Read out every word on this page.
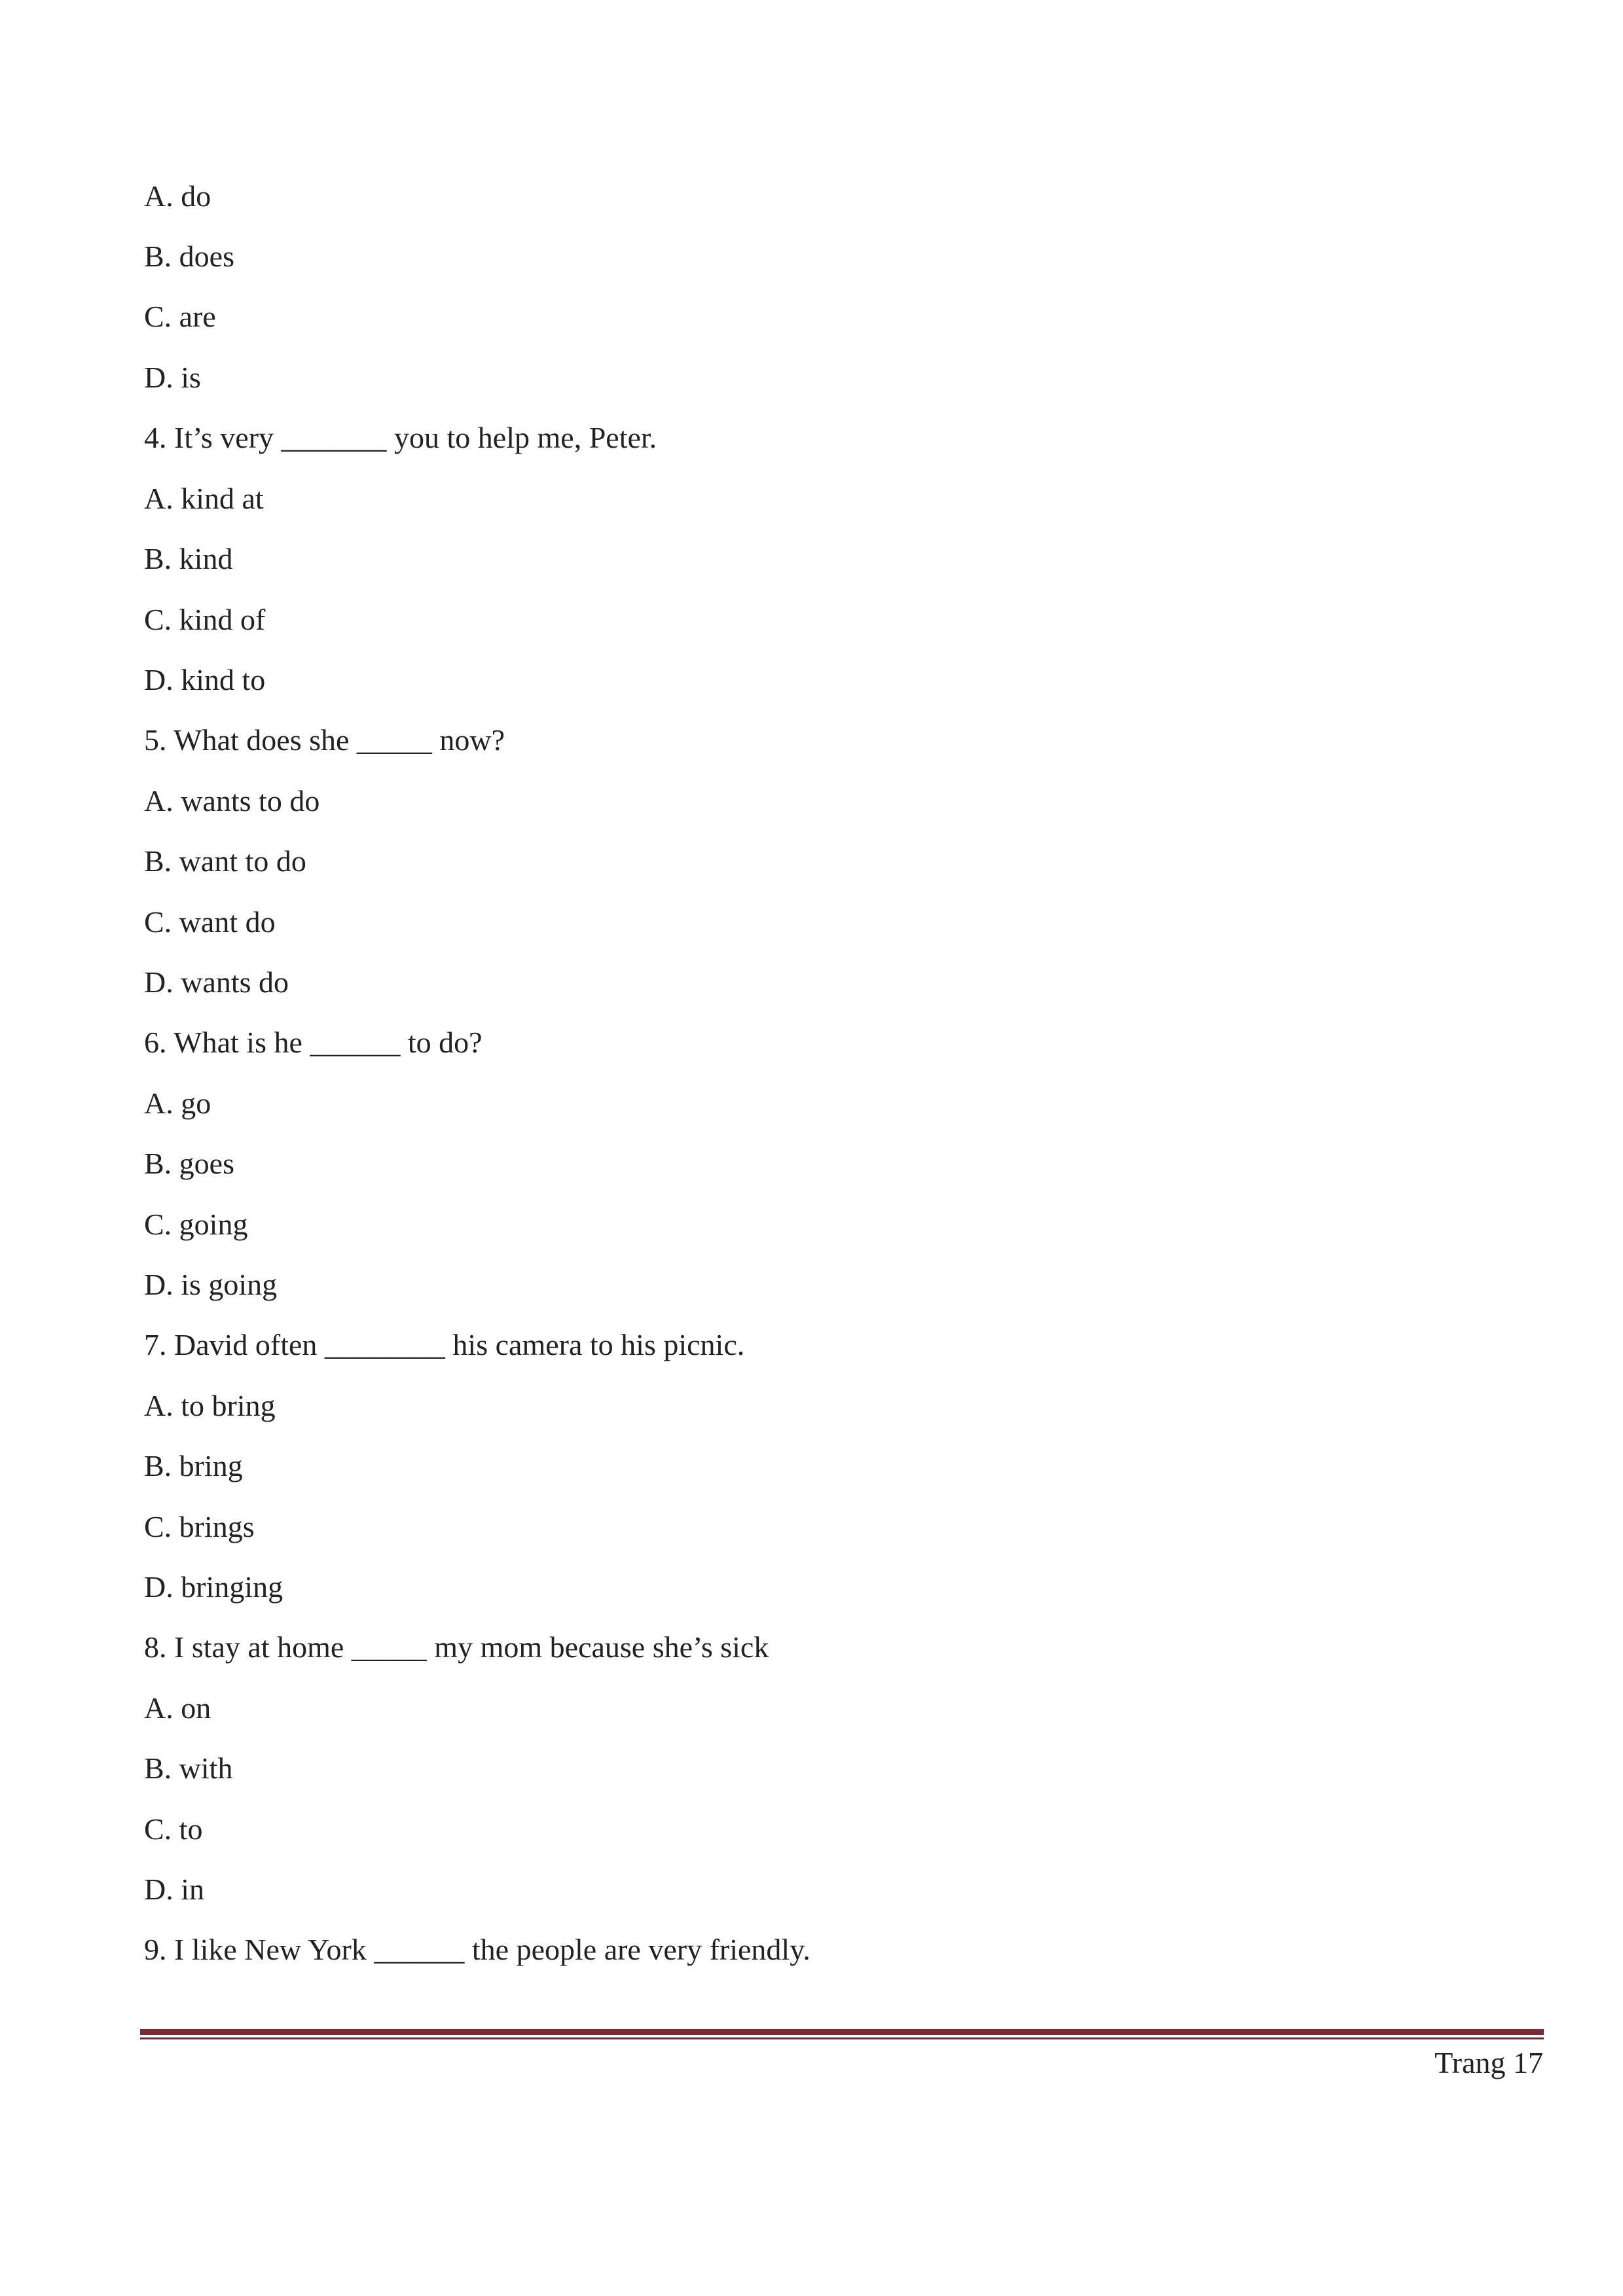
A. do
B. does
C. are
D. is
4. It’s very _______ you to help me, Peter.
A. kind at
B. kind
C. kind of
D. kind to
5. What does she _____ now?
A. wants to do
B. want to do
C. want do
D. wants do
6. What is he ______ to do?
A. go
B. goes
C. going
D. is going
7. David often ________ his camera to his picnic.
A. to bring
B. bring
C. brings
D. bringing
8. I stay at home _____ my mom because she’s sick
A. on
B. with
C. to
D. in
9. I like New York ______ the people are very friendly.
Trang 17
